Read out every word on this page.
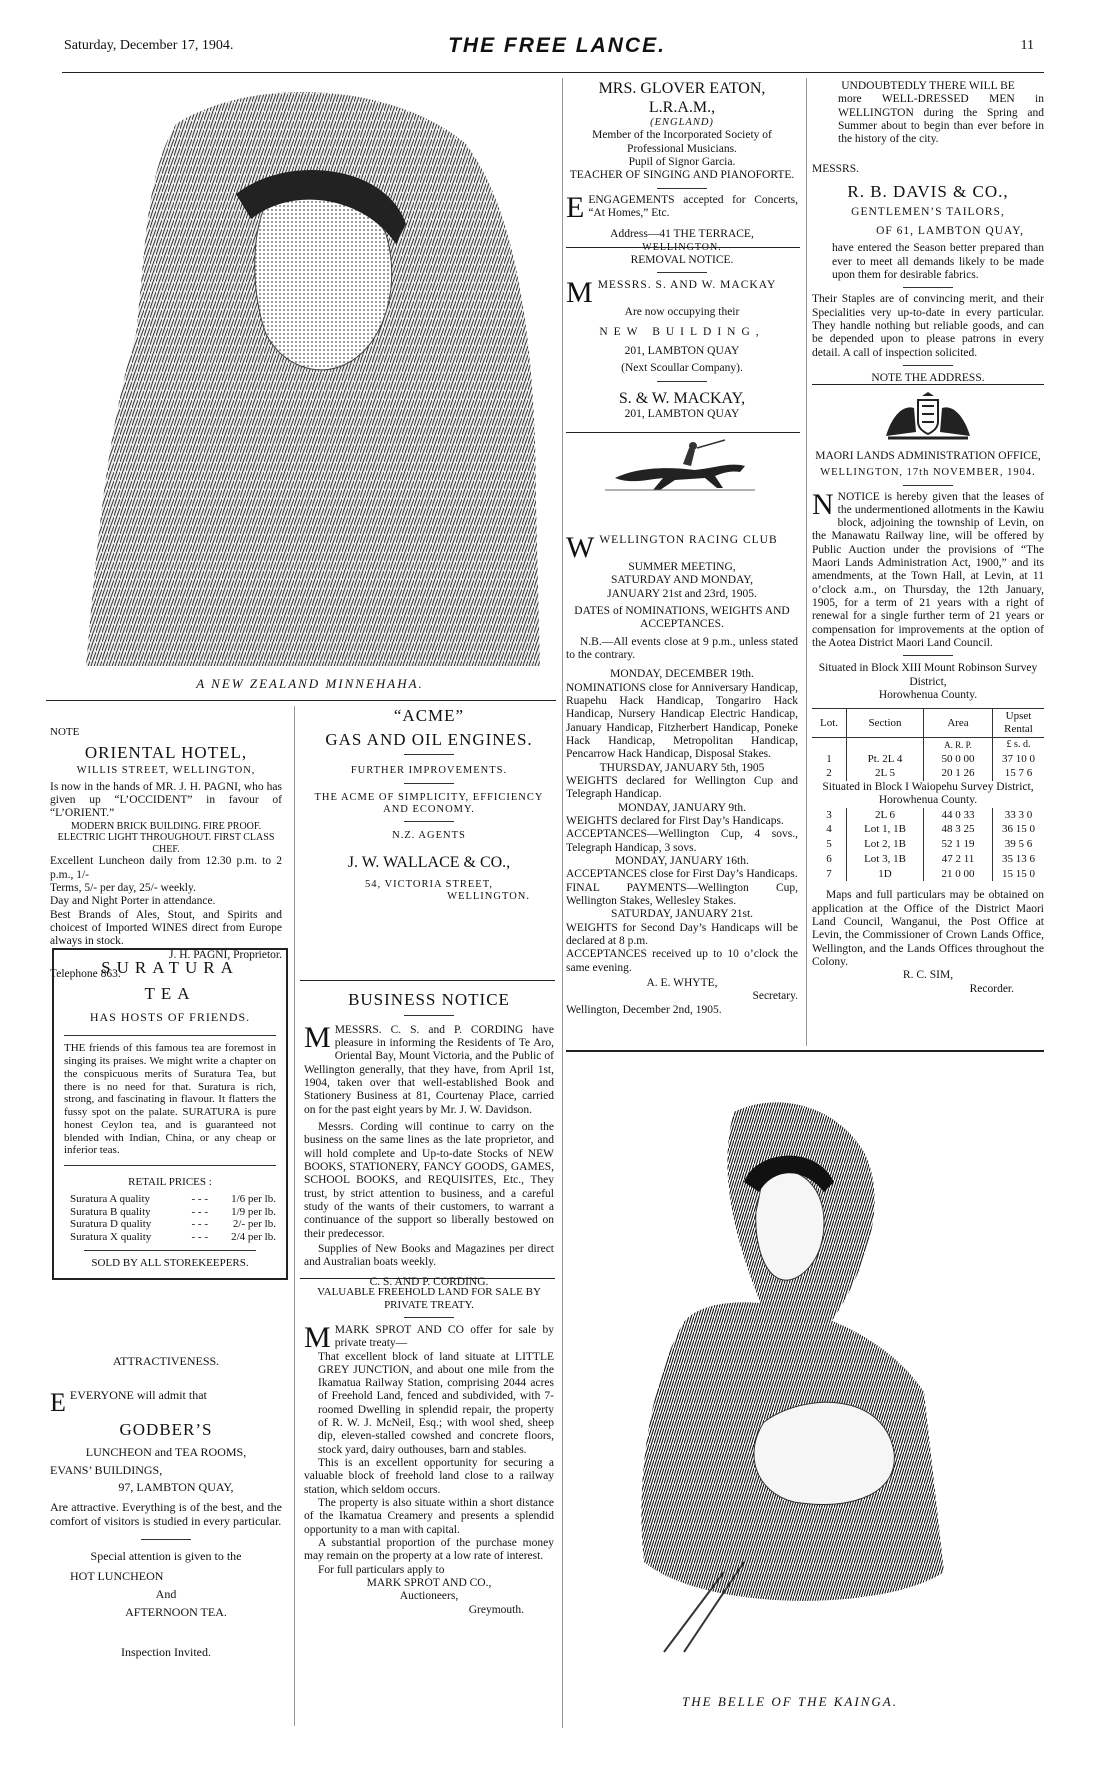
Saturday, December 17, 1904.	THE FREE LANCE.	11
A NEW ZEALAND MINNEHAHA.
NOTE
ORIENTAL HOTEL,
WILLIS STREET, WELLINGTON,
Is now in the hands of MR. J. H. PAGNI, who has given up “L’OCCIDENT” in favour of “L’ORIENT.”
MODERN BRICK BUILDING. FIRE PROOF. ELECTRIC LIGHT THROUGHOUT. FIRST CLASS CHEF.
Excellent Luncheon daily from 12.30 p.m. to 2 p.m., 1/-
Terms, 5/- per day, 25/- weekly.
Day and Night Porter in attendance.
Best Brands of Ales, Stout, and Spirits and choicest of Imported WINES direct from Europe always in stock.
J. H. PAGNI, Proprietor.
Telephone 863.
SURATURA
TEA
HAS HOSTS OF FRIENDS.
THE friends of this famous tea are foremost in singing its praises. We might write a chapter on the conspicuous merits of Suratura Tea, but there is no need for that. Suratura is rich, strong, and fascinating in flavour. It flatters the fussy spot on the palate. SURATURA is pure honest Ceylon tea, and is guaranteed not blended with Indian, China, or any cheap or inferior teas.
RETAIL PRICES :
Suratura A quality	- - -	1/6 per lb.
Suratura B quality	- - -	1/9 per lb.
Suratura D quality	- - -	2/- per lb.
Suratura X quality	- - -	2/4 per lb.
SOLD BY ALL STOREKEEPERS.
ATTRACTIVENESS.
EEVERYONE will admit that
GODBER’S
LUNCHEON and TEA ROOMS,
EVANS’ BUILDINGS,
97, LAMBTON QUAY,
Are attractive. Everything is of the best, and the comfort of visitors is studied in every particular.
Special attention is given to the
HOT LUNCHEON
And
AFTERNOON TEA.
Inspection Invited.
“ACME”
GAS AND OIL ENGINES.
FURTHER IMPROVEMENTS.
THE ACME OF SIMPLICITY, EFFICIENCY AND ECONOMY.
N.Z. AGENTS
J. W. WALLACE & CO.,
54, VICTORIA STREET,
WELLINGTON.
BUSINESS NOTICE
MMESSRS. C. S. and P. CORDING have pleasure in informing the Residents of Te Aro, Oriental Bay, Mount Victoria, and the Public of Wellington generally, that they have, from April 1st, 1904, taken over that well-established Book and Stationery Business at 81, Courtenay Place, carried on for the past eight years by Mr. J. W. Davidson.
Messrs. Cording will continue to carry on the business on the same lines as the late proprietor, and will hold complete and Up-to-date Stocks of NEW BOOKS, STATIONERY, FANCY GOODS, GAMES, SCHOOL BOOKS, and REQUISITES, Etc., They trust, by strict attention to business, and a careful study of the wants of their customers, to warrant a continuance of the support so liberally bestowed on their predecessor.
Supplies of New Books and Magazines per direct and Australian boats weekly.
C. S. AND P. CORDING.
VALUABLE FREEHOLD LAND FOR SALE BY PRIVATE TREATY.
MMARK SPROT AND CO offer for sale by private treaty—
That excellent block of land situate at LITTLE GREY JUNCTION, and about one mile from the Ikamatua Railway Station, comprising 2044 acres of Freehold Land, fenced and subdivided, with 7-roomed Dwelling in splendid repair, the property of R. W. J. McNeil, Esq.; with wool shed, sheep dip, eleven-stalled cowshed and concrete floors, stock yard, dairy outhouses, barn and stables.
This is an excellent opportunity for securing a valuable block of freehold land close to a railway station, which seldom occurs.
The property is also situate within a short distance of the Ikamatua Creamery and presents a splendid opportunity to a man with capital.
A substantial proportion of the purchase money may remain on the property at a low rate of interest.
For full particulars apply to
MARK SPROT AND CO.,
Auctioneers,
Greymouth.
MRS. GLOVER EATON, L.R.A.M.,
(ENGLAND)
Member of the Incorporated Society of Professional Musicians.
Pupil of Signor Garcia.
TEACHER OF SINGING AND PIANOFORTE.
EENGAGEMENTS accepted for Concerts, “At Homes,” Etc.
Address—41 THE TERRACE,
WELLINGTON.
REMOVAL NOTICE.
MMESSRS. S. AND W. MACKAY
Are now occupying their
NEW BUILDING,
201, LAMBTON QUAY
(Next Scoullar Company).
S. & W. MACKAY,
201, LAMBTON QUAY
WWELLINGTON RACING CLUB
SUMMER MEETING,
SATURDAY AND MONDAY,
JANUARY 21st and 23rd, 1905.
DATES of NOMINATIONS, WEIGHTS AND ACCEPTANCES.
N.B.—All events close at 9 p.m., unless stated to the contrary.
MONDAY, DECEMBER 19th.
NOMINATIONS close for Anniversary Handicap, Ruapehu Hack Handicap, Tongariro Hack Handicap, Nursery Handicap Electric Handicap, January Handicap, Fitzherbert Handicap, Poneke Hack Handicap, Metropolitan Handicap, Pencarrow Hack Handicap, Disposal Stakes.
THURSDAY, JANUARY 5th, 1905
WEIGHTS declared for Wellington Cup and Telegraph Handicap.
MONDAY, JANUARY 9th.
WEIGHTS declared for First Day’s Handicaps.
ACCEPTANCES—Wellington Cup, 4 sovs., Telegraph Handicap, 3 sovs.
MONDAY, JANUARY 16th.
ACCEPTANCES close for First Day’s Handicaps.
FINAL PAYMENTS—Wellington Cup, Wellington Stakes, Wellesley Stakes.
SATURDAY, JANUARY 21st.
WEIGHTS for Second Day’s Handicaps will be declared at 8 p.m.
ACCEPTANCES received up to 10 o’clock the same evening.
A. E. WHYTE,
Secretary.
Wellington, December 2nd, 1905.
UNDOUBTEDLY THERE WILL BE
more WELL-DRESSED MEN in WELLINGTON during the Spring and Summer about to begin than ever before in the history of the city.
MESSRS.
R. B. DAVIS & CO.,
GENTLEMEN’S TAILORS,
OF 61, LAMBTON QUAY,
have entered the Season better prepared than ever to meet all demands likely to be made upon them for desirable fabrics.
Their Staples are of convincing merit, and their Specialities very up-to-date in every particular. They handle nothing but reliable goods, and can be depended upon to please patrons in every detail. A call of inspection solicited.
NOTE THE ADDRESS.
MAORI LANDS ADMINISTRATION OFFICE,
WELLINGTON, 17th NOVEMBER, 1904.
NNOTICE is hereby given that the leases of the undermentioned allotments in the Kawiu block, adjoining the township of Levin, on the Manawatu Railway line, will be offered by Public Auction under the provisions of “The Maori Lands Administration Act, 1900,” and its amendments, at the Town Hall, at Levin, at 11 o’clock a.m., on Thursday, the 12th January, 1905, for a term of 21 years with a right of renewal for a single further term of 21 years or compensation for improvements at the option of the Aotea District Maori Land Council.
Situated in Block XIII Mount Robinson Survey District,
Horowhenua County.
Lot.	Section	Area	Upset Rental
		A. R. P.	£ s. d.
1	Pt. 2L 4	50 0 00	37 10 0
2	2L 5	20 1 26	15 7 6
Situated in Block I Waiopehu Survey District,
Horowhenua County.
3	2L 6	44 0 33	33 3 0
4	Lot 1, 1B	48 3 25	36 15 0
5	Lot 2, 1B	52 1 19	39 5 6
6	Lot 3, 1B	47 2 11	35 13 6
7	1D	21 0 00	15 15 0
Maps and full particulars may be obtained on application at the Office of the District Maori Land Council, Wanganui, the Post Office at Levin, the Commissioner of Crown Lands Office, Wellington, and the Lands Offices throughout the Colony.
R. C. SIM,
Recorder.
THE BELLE OF THE KAINGA.
